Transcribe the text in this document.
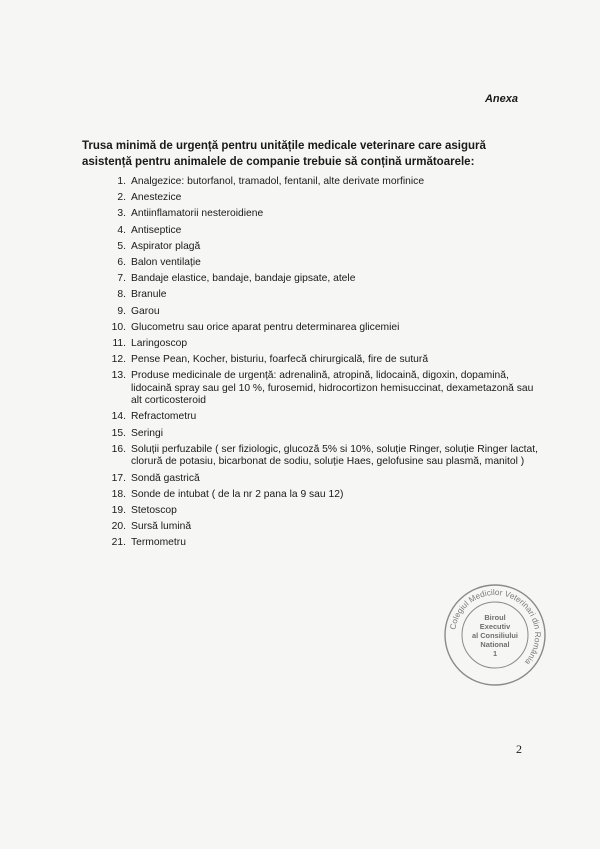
Anexa
Trusa minimă de urgență pentru unitățile medicale veterinare care asigură asistență pentru animalele de companie trebuie să conțină următoarele:
1. Analgezice: butorfanol, tramadol, fentanil, alte derivate morfinice
2. Anestezice
3. Antiinflamatorii nesteroidiene
4. Antiseptice
5. Aspirator plagă
6. Balon ventilație
7. Bandaje elastice, bandaje, bandaje gipsate, atele
8. Branule
9. Garou
10. Glucometru sau orice aparat pentru determinarea glicemiei
11. Laringoscop
12. Pense Pean, Kocher, bisturiu, foarfecă chirurgicală, fire de sutură
13. Produse medicinale de urgență: adrenalină, atropină, lidocaină, digoxin, dopamină, lidocaină spray sau gel 10 %, furosemid, hidrocortizon hemisuccinat, dexametazonă sau alt corticosteroid
14. Refractometru
15. Seringi
16. Soluții perfuzabile ( ser fiziologic, glucoză 5% si 10%, soluție Ringer, soluție Ringer lactat, clorură de potasiu, bicarbonat de sodiu, soluție Haes, gelofusine sau plasmă, manitol )
17. Sondă gastrică
18. Sonde de intubat ( de la nr 2 pana la 9 sau 12)
19. Stetoscop
20. Sursă lumină
21. Termometru
Colegiul Medicilor Veterinari din România
Biroul
Executiv
al Consiliului
National
1
2
